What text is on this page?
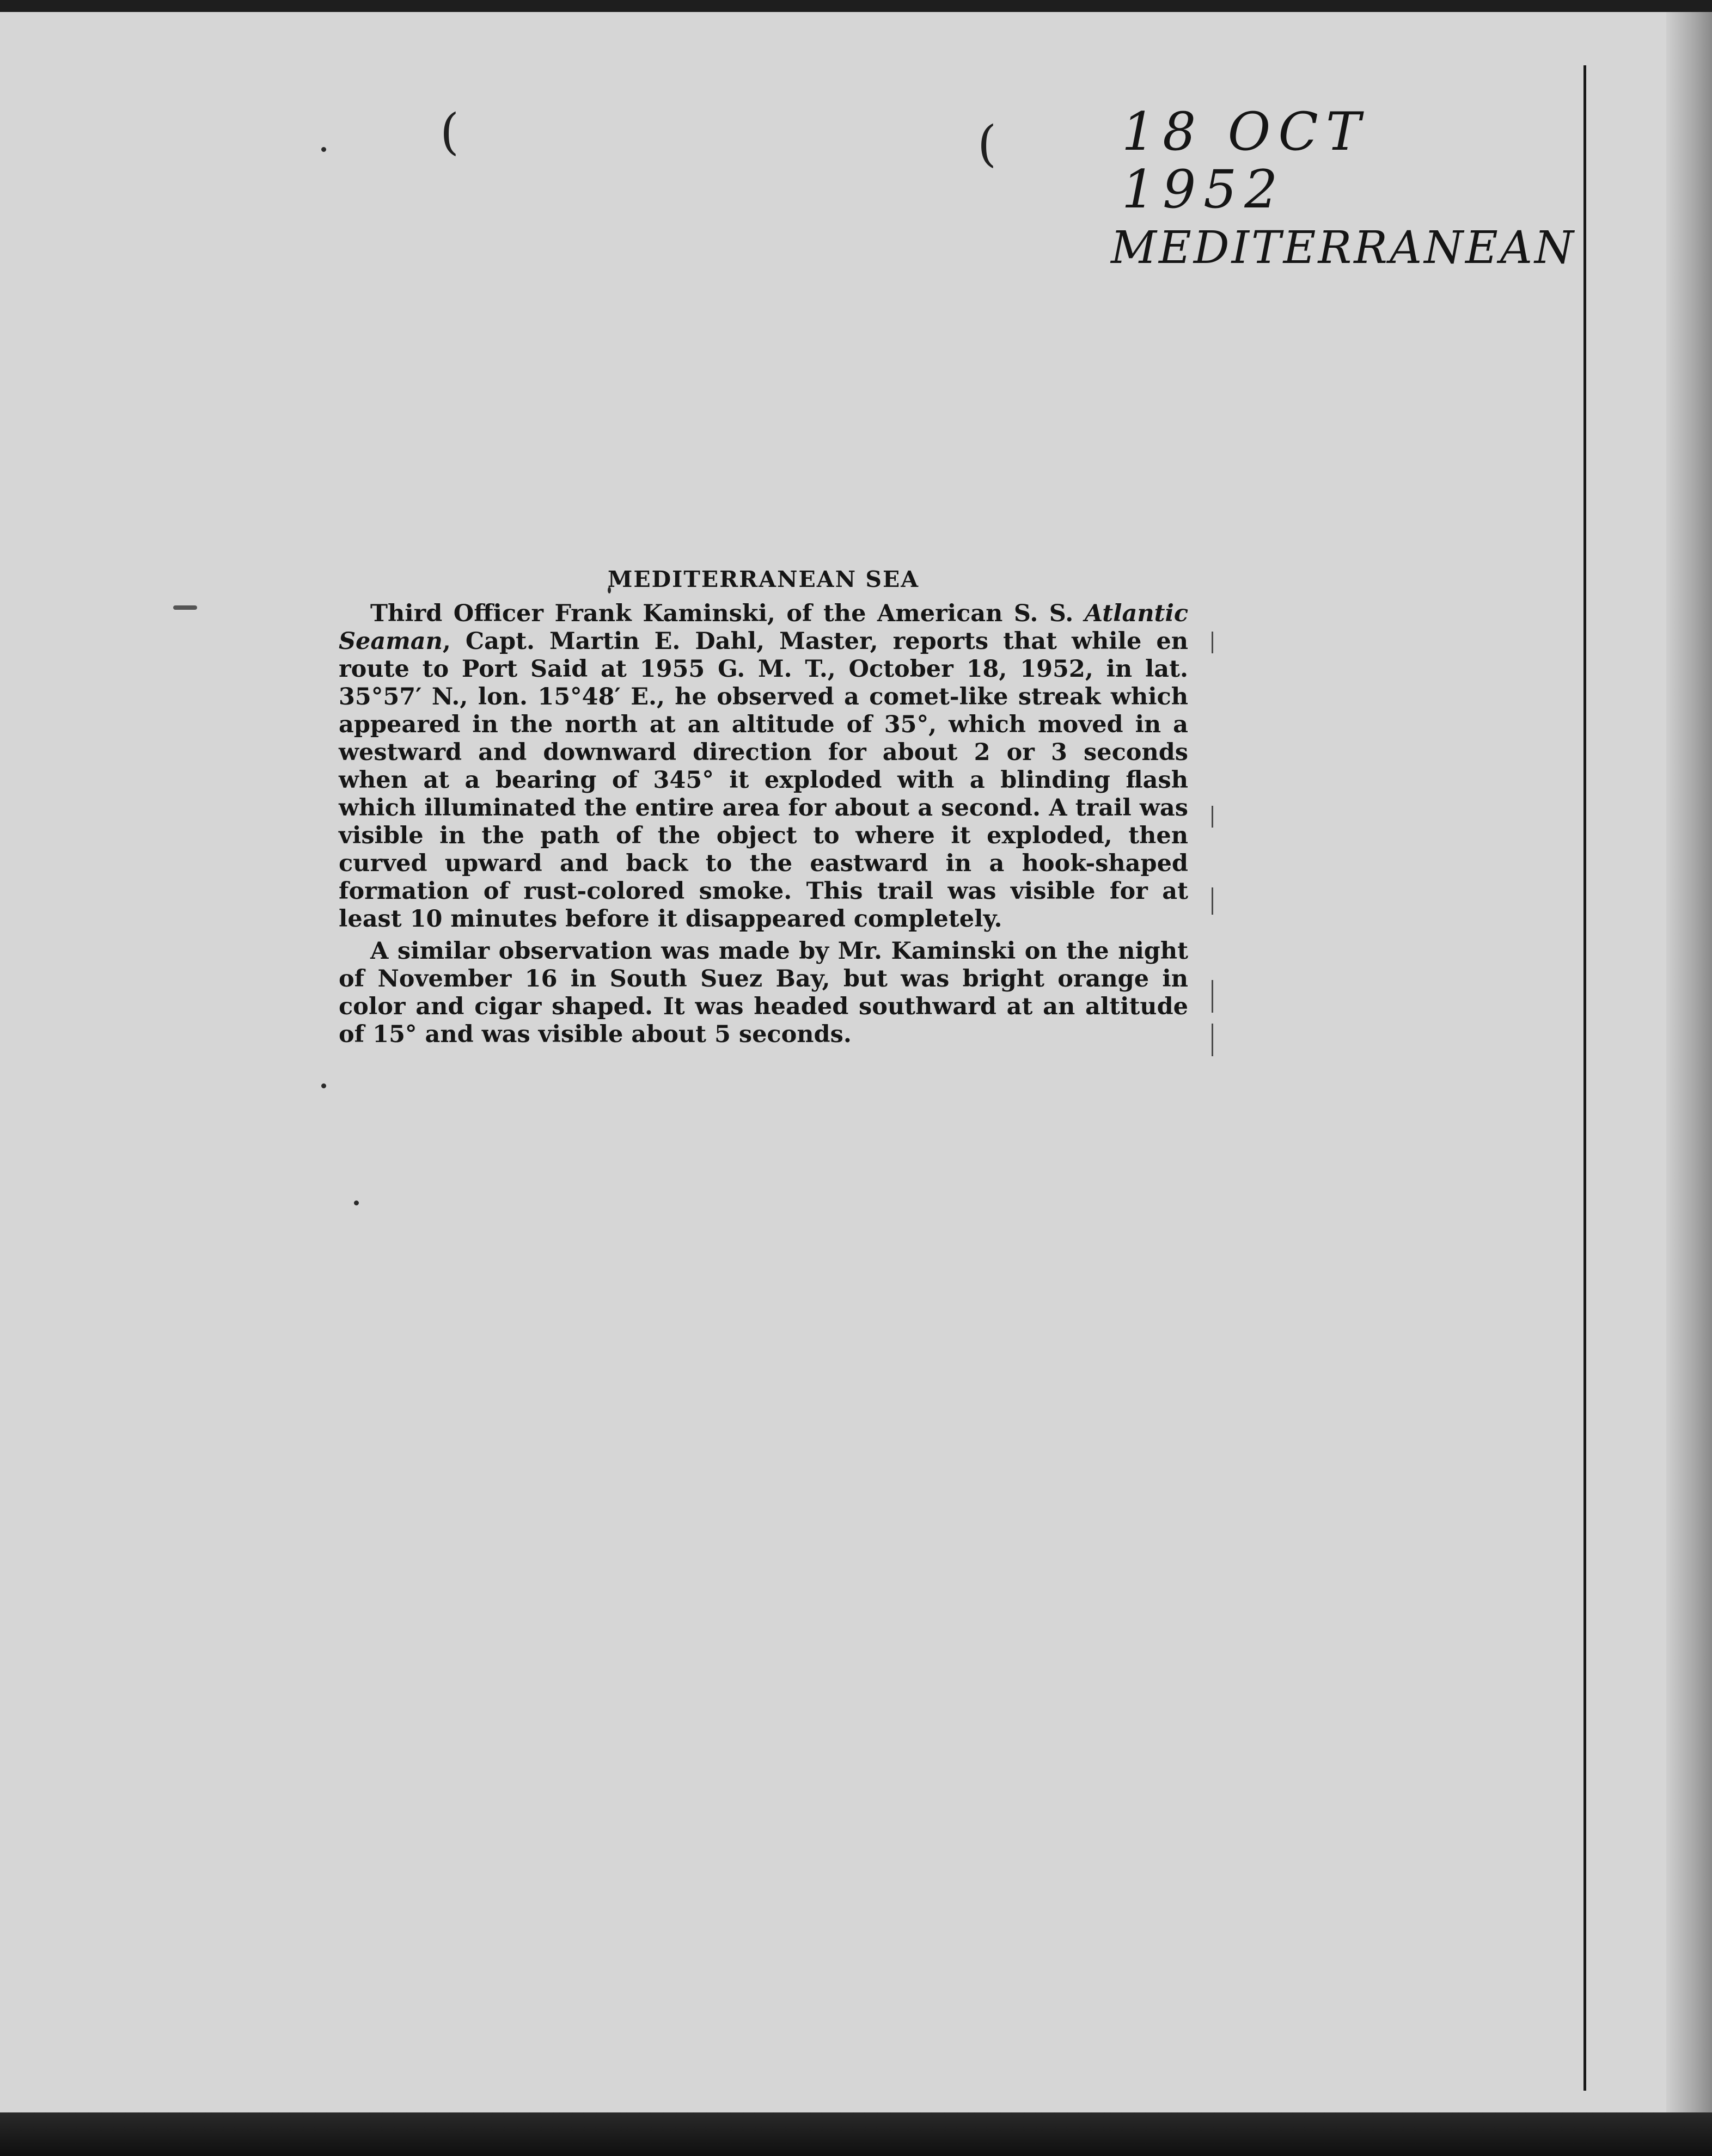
(	( 18 OCT 1952
MEDITERRANEAN
MEDITERRANEAN SEA

Third Officer Frank Kaminski, of the American S. S. Atlantic Seaman, Capt. Martin E. Dahl, Master, reports that while en route to Port Said at 1955 G. M. T., October 18, 1952, in lat. 35°57′ N., lon. 15°48′ E., he observed a comet-like streak which appeared in the north at an altitude of 35°, which moved in a westward and downward direction for about 2 or 3 seconds when at a bearing of 345° it exploded with a blinding flash which illuminated the entire area for about a second. A trail was visible in the path of the object to where it exploded, then curved upward and back to the eastward in a hook-shaped formation of rust-colored smoke. This trail was visible for at least 10 minutes before it disappeared completely.

A similar observation was made by Mr. Kaminski on the night of November 16 in South Suez Bay, but was bright orange in color and cigar shaped. It was headed southward at an altitude of 15° and was visible about 5 seconds.
